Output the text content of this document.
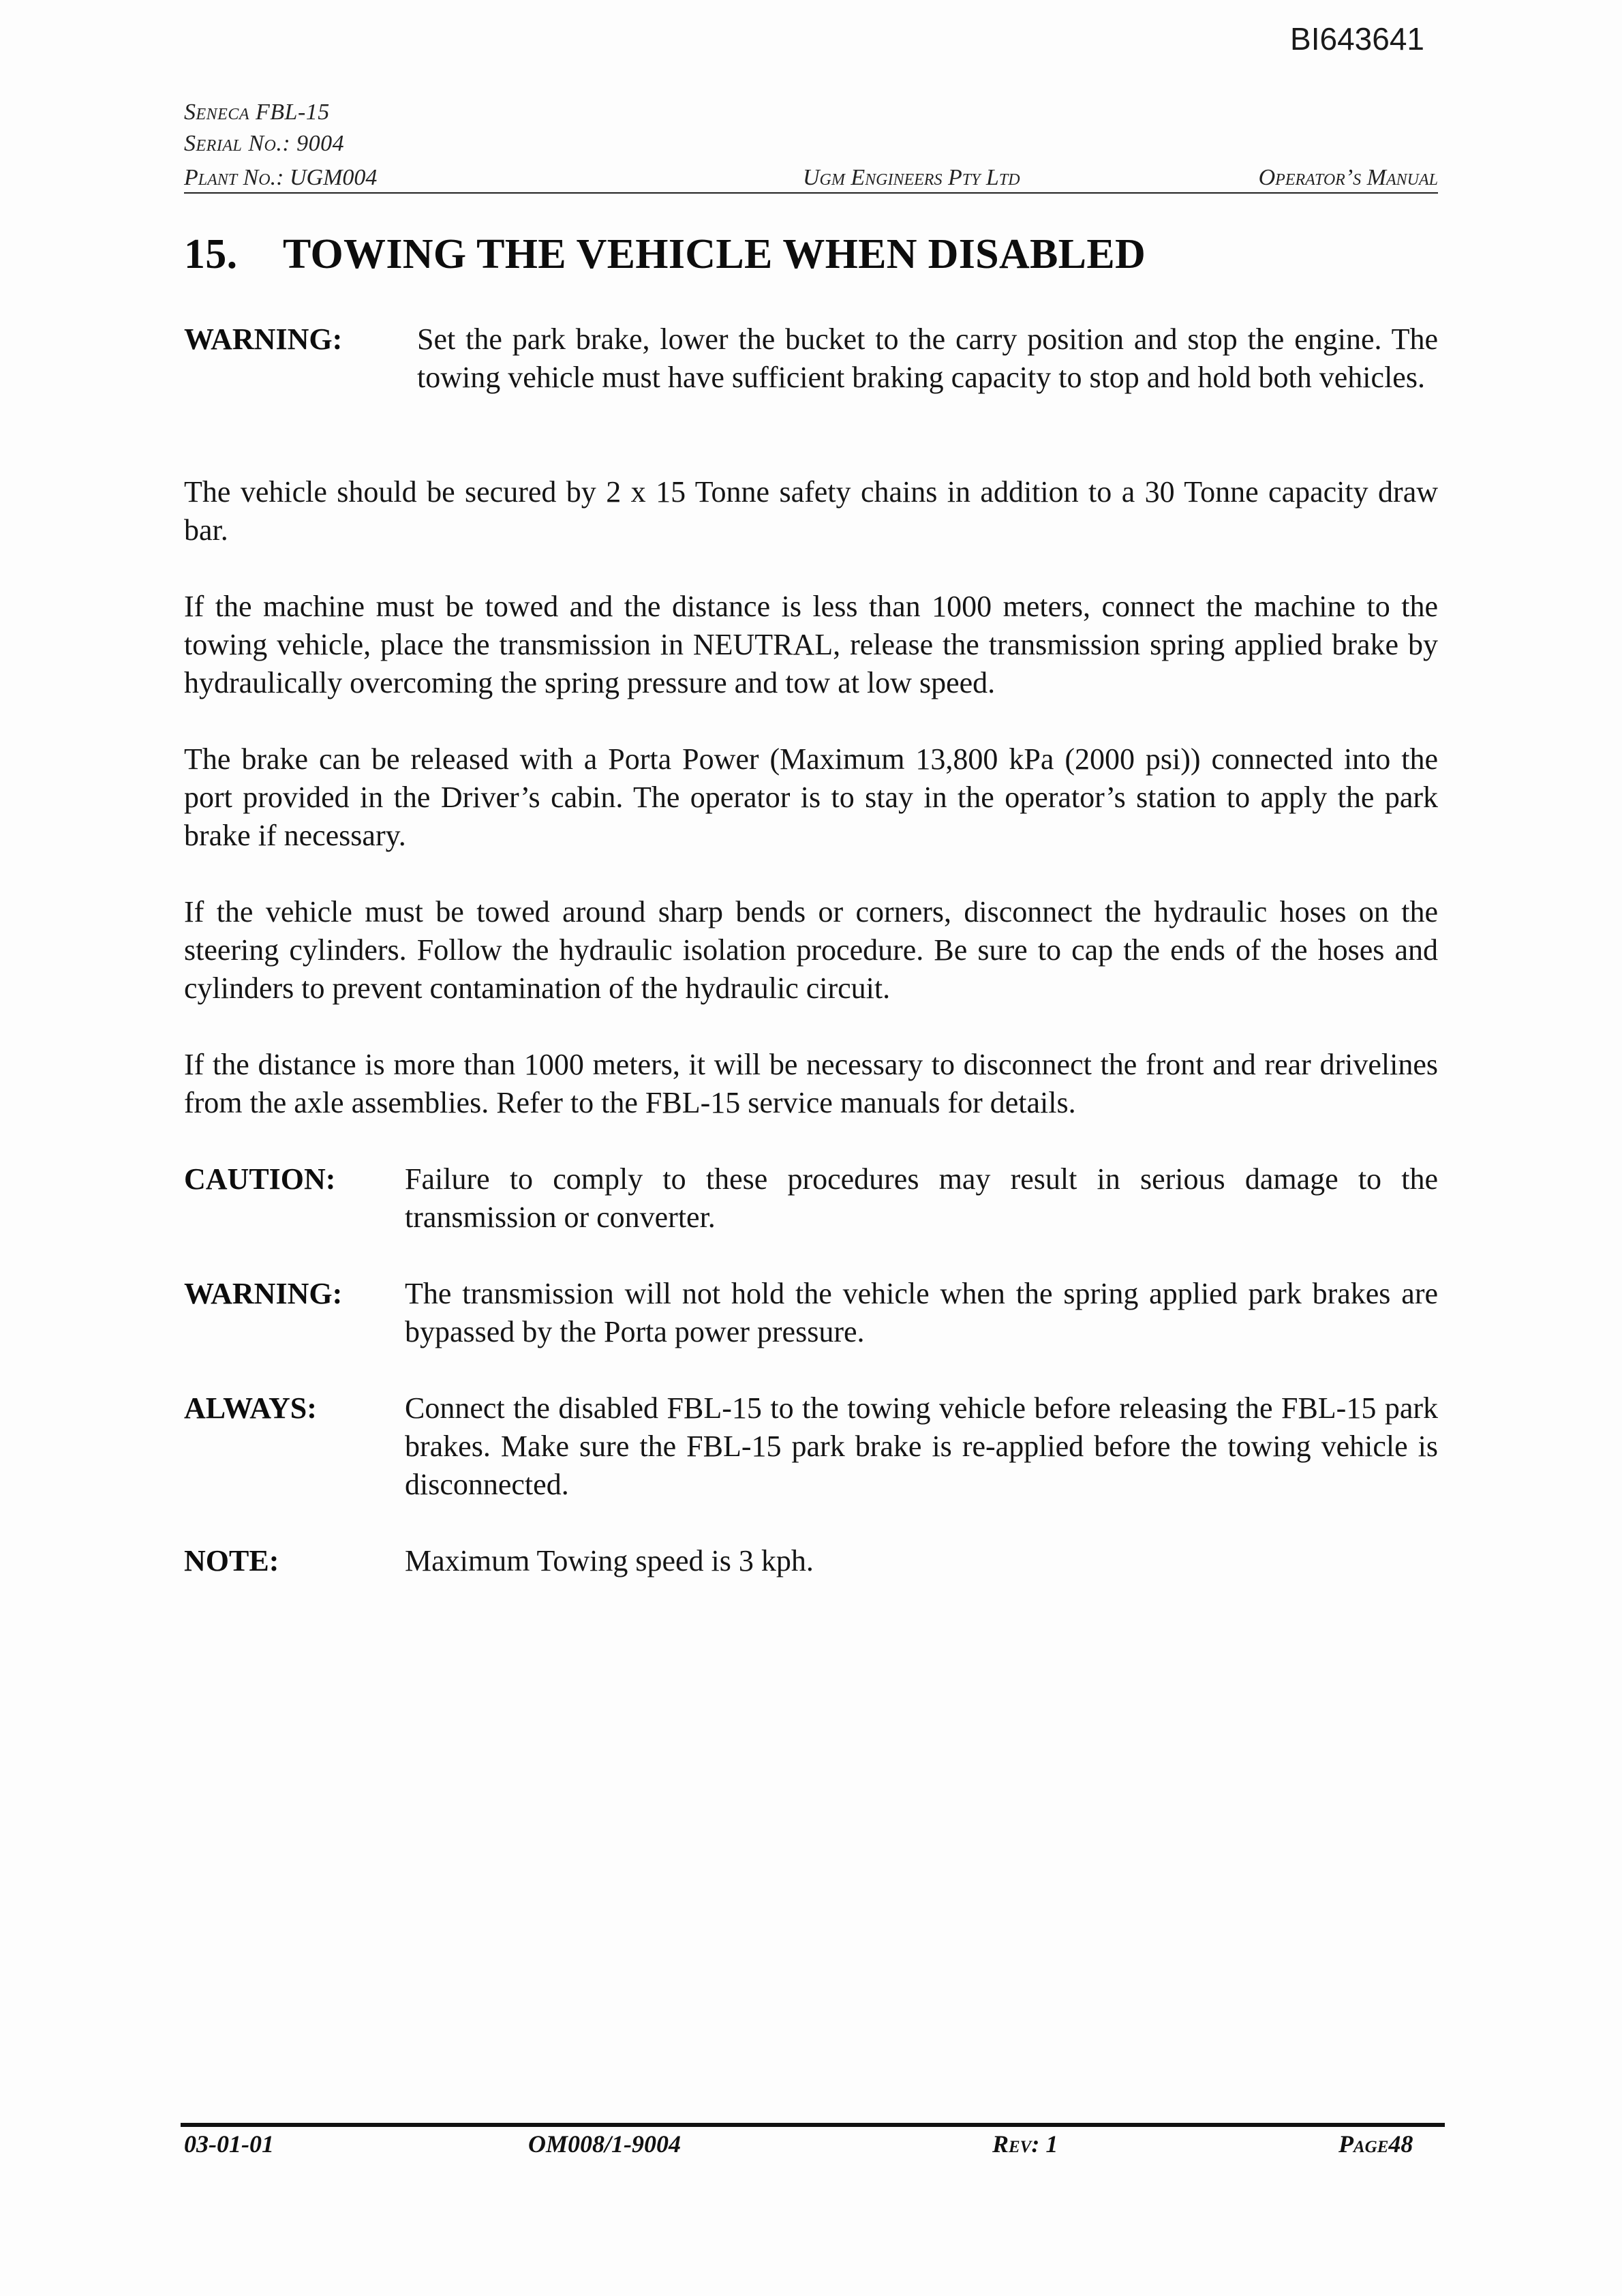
BI643641
Seneca FBL-15
Serial No.: 9004
Plant No.: UGM004	Ugm Engineers Pty Ltd	Operator’s Manual
15. TOWING THE VEHICLE WHEN DISABLED
WARNING: Set the park brake, lower the bucket to the carry position and stop the engine. The towing vehicle must have sufficient braking capacity to stop and hold both vehicles.
The vehicle should be secured by 2 x 15 Tonne safety chains in addition to a 30 Tonne capacity draw bar.
If the machine must be towed and the distance is less than 1000 meters, connect the machine to the towing vehicle, place the transmission in NEUTRAL, release the transmission spring applied brake by hydraulically overcoming the spring pressure and tow at low speed.
The brake can be released with a Porta Power (Maximum 13,800 kPa (2000 psi)) connected into the port provided in the Driver’s cabin. The operator is to stay in the operator’s station to apply the park brake if necessary.
If the vehicle must be towed around sharp bends or corners, disconnect the hydraulic hoses on the steering cylinders. Follow the hydraulic isolation procedure. Be sure to cap the ends of the hoses and cylinders to prevent contamination of the hydraulic circuit.
If the distance is more than 1000 meters, it will be necessary to disconnect the front and rear drivelines from the axle assemblies. Refer to the FBL-15 service manuals for details.
CAUTION: Failure to comply to these procedures may result in serious damage to the transmission or converter.
WARNING: The transmission will not hold the vehicle when the spring applied park brakes are bypassed by the Porta power pressure.
ALWAYS:	Connect the disabled FBL-15 to the towing vehicle before releasing the FBL-15 park brakes. Make sure the FBL-15 park brake is re-applied before the towing vehicle is disconnected.
NOTE:	Maximum Towing speed is 3 kph.
03-01-01	OM008/1-9004	Rev: 1	Page48
